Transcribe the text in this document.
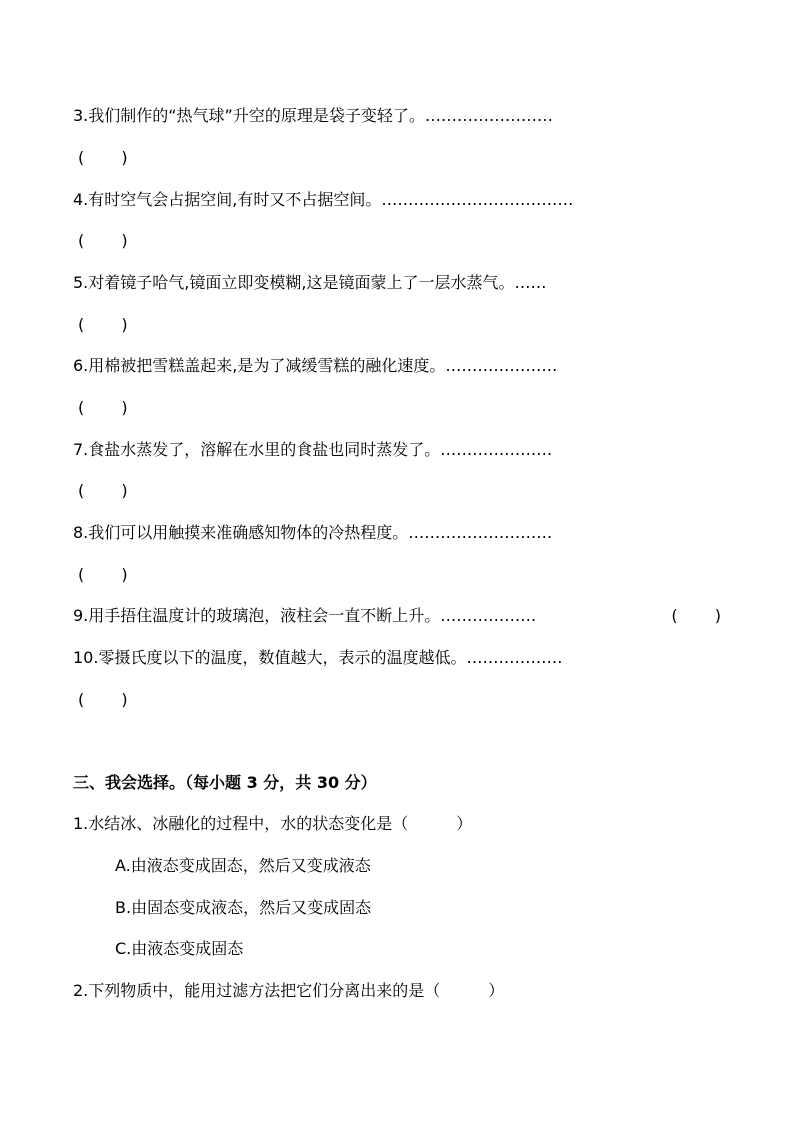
3.我们制作的“热气球”升空的原理是袋子变轻了。……………………
(　　 )
4.有时空气会占据空间,有时又不占据空间。………………………………
(　　 )
5.对着镜子哈气,镜面立即变模糊,这是镜面蒙上了一层水蒸气。……
(　　 )
6.用棉被把雪糕盖起来,是为了减缓雪糕的融化速度。…………………
(　　 )
7.食盐水蒸发了，溶解在水里的食盐也同时蒸发了。…………………
(　　 )
8.我们可以用触摸来准确感知物体的冷热程度。………………………
(　　 )
9.用手捂住温度计的玻璃泡，液柱会一直不断上升。………………	(　　 )
10.零摄氏度以下的温度，数值越大，表示的温度越低。………………
(　　 )
三、我会选择。（每小题 3 分，共 30 分）
1.水结冰、冰融化的过程中，水的状态变化是（　　　）
A.由液态变成固态，然后又变成液态
B.由固态变成液态，然后又变成固态
C.由液态变成固态
2.下列物质中，能用过滤方法把它们分离出来的是（　　　）
